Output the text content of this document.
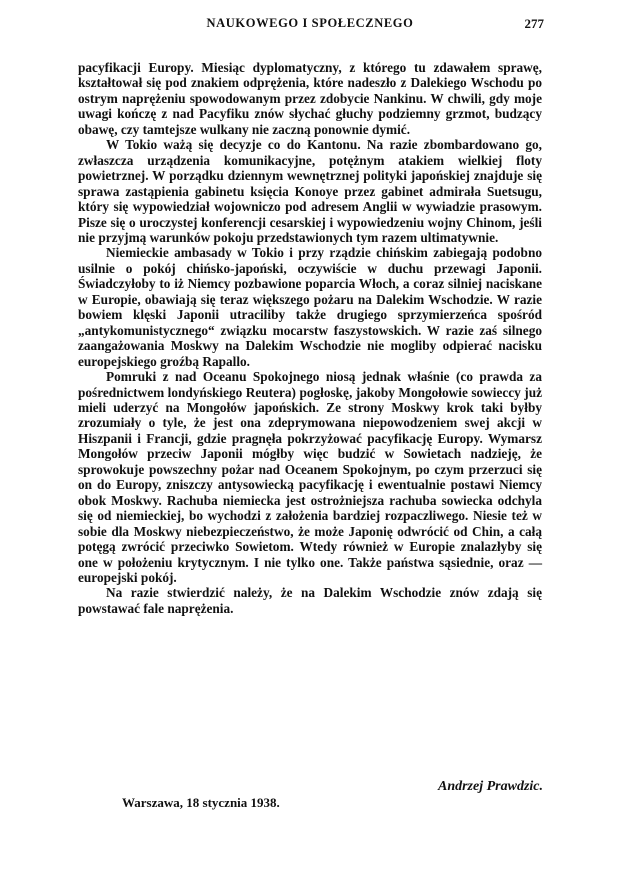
NAUKOWEGO I SPOŁECZNEGO	277

pacyfikacji Europy. Miesiąc dyplomatyczny, z którego tu zdawałem sprawę, kształtował się pod znakiem odprężenia, które nadeszło z Dalekiego Wschodu po ostrym naprężeniu spowodowanym przez zdobycie Nankinu. W chwili, gdy moje uwagi kończę z nad Pacyfiku znów słychać głuchy podziemny grzmot, budzący obawę, czy tamtejsze wulkany nie zaczną ponownie dymić.

W Tokio ważą się decyzje co do Kantonu. Na razie zbombardowano go, zwłaszcza urządzenia komunikacyjne, potężnym atakiem wielkiej floty powietrznej. W porządku dziennym wewnętrznej polityki japońskiej znajduje się sprawa zastąpienia gabinetu księcia Konoye przez gabinet admirała Suetsugu, który się wypowiedział wojowniczo pod adresem Anglii w wywiadzie prasowym. Pisze się o uroczystej konferencji cesarskiej i wypowiedzeniu wojny Chinom, jeśli nie przyjmą warunków pokoju przedstawionych tym razem ultimatywnie.

Niemieckie ambasady w Tokio i przy rządzie chińskim zabiegają podobno usilnie o pokój chińsko-japoński, oczywiście w duchu przewagi Japonii. Świadczyłoby to iż Niemcy pozbawione poparcia Włoch, a coraz silniej naciskane w Europie, obawiają się teraz większego pożaru na Dalekim Wschodzie. W razie bowiem klęski Japonii utraciliby także drugiego sprzymierzeńca spośród „antykomunistycznego“ związku mocarstw faszystowskich. W razie zaś silnego zaangażowania Moskwy na Dalekim Wschodzie nie mogliby odpierać nacisku europejskiego groźbą Rapallo.

Pomruki z nad Oceanu Spokojnego niosą jednak właśnie (co prawda za pośrednictwem londyńskiego Reutera) pogłoskę, jakoby Mongołowie sowieccy już mieli uderzyć na Mongołów japońskich. Ze strony Moskwy krok taki byłby zrozumiały o tyle, że jest ona zdeprymowana niepowodzeniem swej akcji w Hiszpanii i Francji, gdzie pragnęła pokrzyżować pacyfikację Europy. Wymarsz Mongołów przeciw Japonii mógłby więc budzić w Sowietach nadzieję, że sprowokuje powszechny pożar nad Oceanem Spokojnym, po czym przerzuci się on do Europy, zniszczy antysowiecką pacyfikację i ewentualnie postawi Niemcy obok Moskwy. Rachuba niemiecka jest ostrożniejsza rachuba sowiecka odchyla się od niemieckiej, bo wychodzi z założenia bardziej rozpaczliwego. Niesie też w sobie dla Moskwy niebezpieczeństwo, że może Japonię odwrócić od Chin, a całą potęgą zwrócić przeciwko Sowietom. Wtedy również w Europie znalazłyby się one w położeniu krytycznym. I nie tylko one. Także państwa sąsiednie, oraz — europejski pokój.

Na razie stwierdzić należy, że na Dalekim Wschodzie znów zdają się powstawać fale naprężenia.

Andrzej Prawdzic.
Warszawa, 18 stycznia 1938.
